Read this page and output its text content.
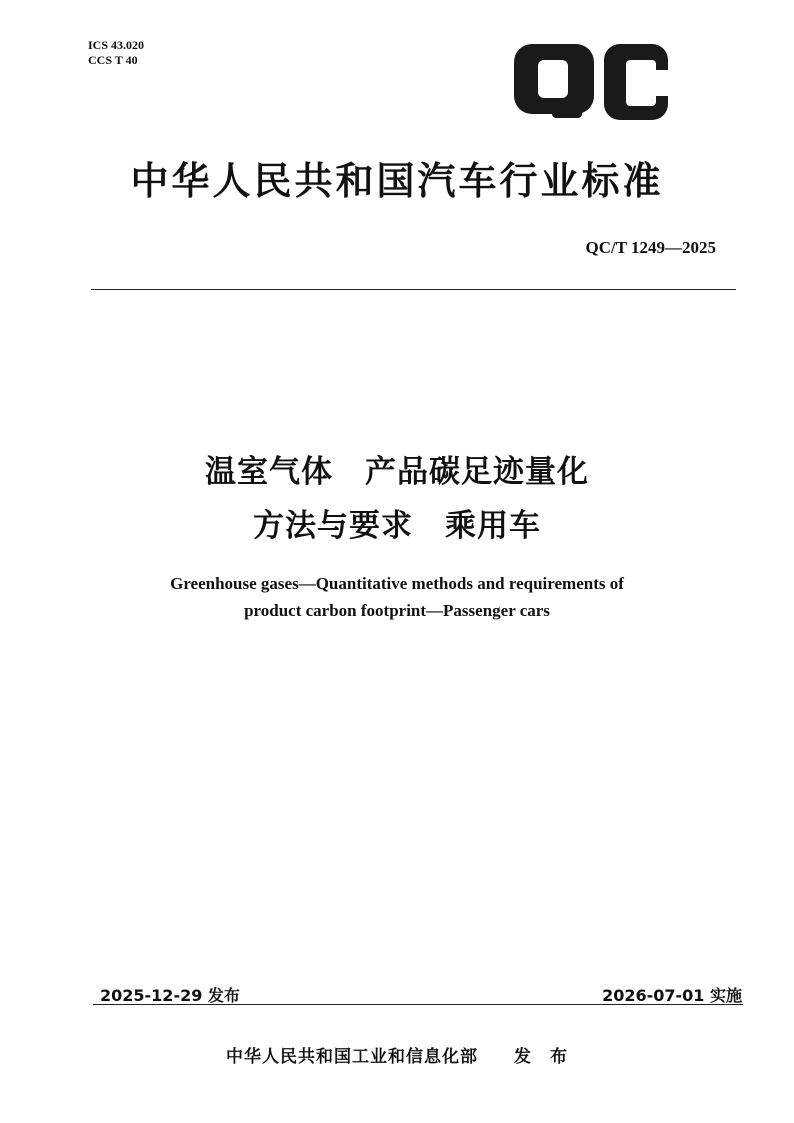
ICS 43.020
CCS T 40
中华人民共和国汽车行业标准
QC/T 1249—2025
温室气体　产品碳足迹量化
方法与要求　乘用车
Greenhouse gases—Quantitative methods and requirements of
product carbon footprint—Passenger cars
2025-12-29 发布	2026-07-01 实施
中华人民共和国工业和信息化部　　发　布
